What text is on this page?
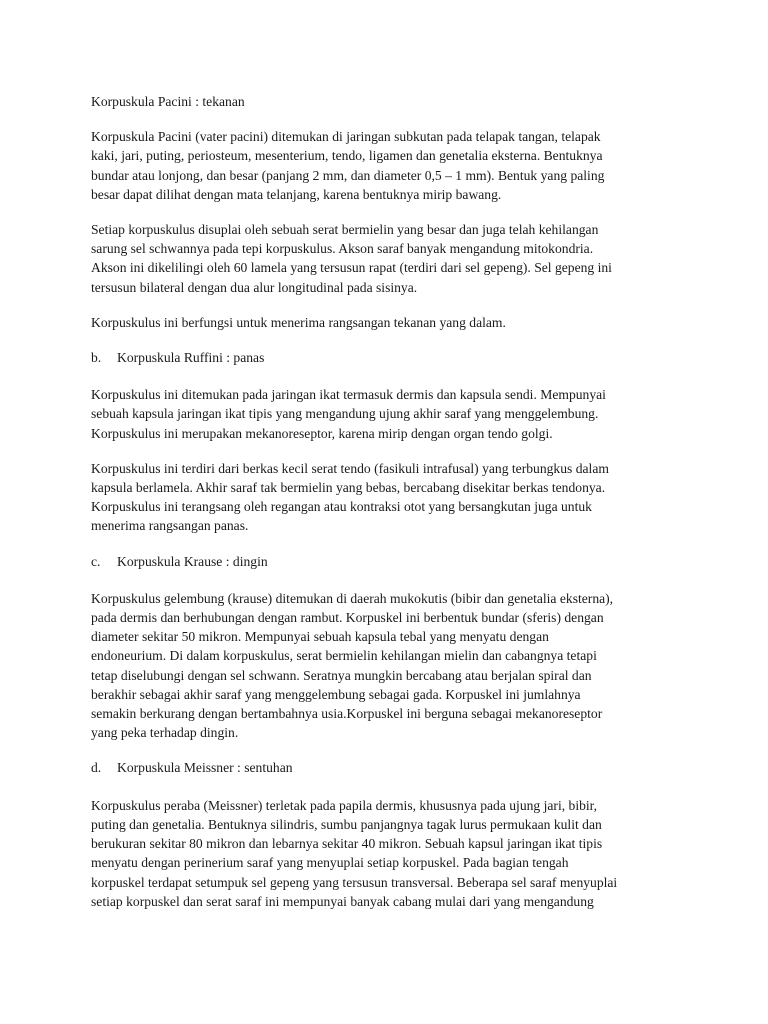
Korpuskula Pacini : tekanan

Korpuskula Pacini (vater pacini) ditemukan di jaringan subkutan pada telapak tangan, telapak
kaki, jari, puting, periosteum, mesenterium, tendo, ligamen dan genetalia eksterna. Bentuknya
bundar atau lonjong, dan besar (panjang 2 mm, dan diameter 0,5 – 1 mm). Bentuk yang paling
besar dapat dilihat dengan mata telanjang, karena bentuknya mirip bawang.

Setiap korpuskulus disuplai oleh sebuah serat bermielin yang besar dan juga telah kehilangan
sarung sel schwannya pada tepi korpuskulus. Akson saraf banyak mengandung mitokondria.
Akson ini dikelilingi oleh 60 lamela yang tersusun rapat (terdiri dari sel gepeng). Sel gepeng ini
tersusun bilateral dengan dua alur longitudinal pada sisinya.

Korpuskulus ini berfungsi untuk menerima rangsangan tekanan yang dalam.

b. Korpuskula Ruffini : panas

Korpuskulus ini ditemukan pada jaringan ikat termasuk dermis dan kapsula sendi. Mempunyai
sebuah kapsula jaringan ikat tipis yang mengandung ujung akhir saraf yang menggelembung.
Korpuskulus ini merupakan mekanoreseptor, karena mirip dengan organ tendo golgi.

Korpuskulus ini terdiri dari berkas kecil serat tendo (fasikuli intrafusal) yang terbungkus dalam
kapsula berlamela. Akhir saraf tak bermielin yang bebas, bercabang disekitar berkas tendonya.
Korpuskulus ini terangsang oleh regangan atau kontraksi otot yang bersangkutan juga untuk
menerima rangsangan panas.

c. Korpuskula Krause : dingin

Korpuskulus gelembung (krause) ditemukan di daerah mukokutis (bibir dan genetalia eksterna),
pada dermis dan berhubungan dengan rambut. Korpuskel ini berbentuk bundar (sferis) dengan
diameter sekitar 50 mikron. Mempunyai sebuah kapsula tebal yang menyatu dengan
endoneurium. Di dalam korpuskulus, serat bermielin kehilangan mielin dan cabangnya tetapi
tetap diselubungi dengan sel schwann. Seratnya mungkin bercabang atau berjalan spiral dan
berakhir sebagai akhir saraf yang menggelembung sebagai gada. Korpuskel ini jumlahnya
semakin berkurang dengan bertambahnya usia.Korpuskel ini berguna sebagai mekanoreseptor
yang peka terhadap dingin.

d. Korpuskula Meissner : sentuhan

Korpuskulus peraba (Meissner) terletak pada papila dermis, khususnya pada ujung jari, bibir,
puting dan genetalia. Bentuknya silindris, sumbu panjangnya tagak lurus permukaan kulit dan
berukuran sekitar 80 mikron dan lebarnya sekitar 40 mikron. Sebuah kapsul jaringan ikat tipis
menyatu dengan perinerium saraf yang menyuplai setiap korpuskel. Pada bagian tengah
korpuskel terdapat setumpuk sel gepeng yang tersusun transversal. Beberapa sel saraf menyuplai
setiap korpuskel dan serat saraf ini mempunyai banyak cabang mulai dari yang mengandung
